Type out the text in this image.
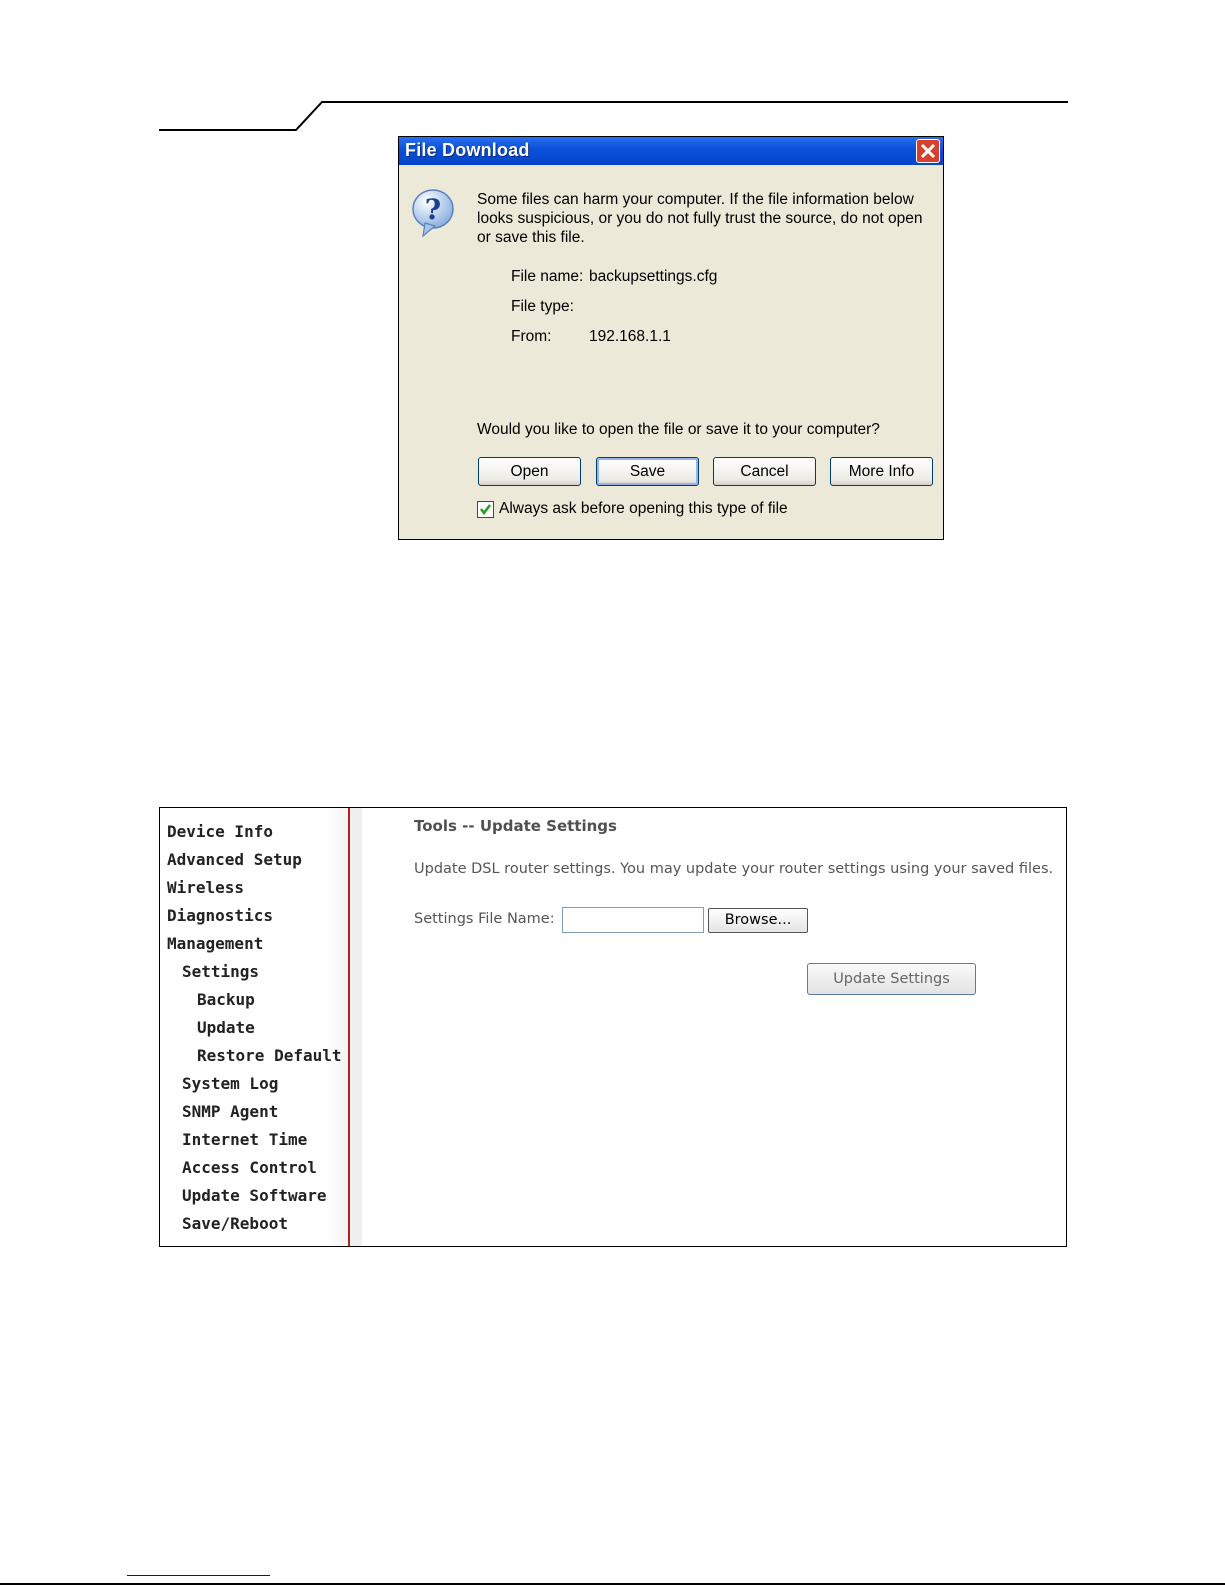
File Download
? Some files can harm your computer. If the file information below looks suspicious, or you do not fully trust the source, do not open or save this file.
File name: backupsettings.cfg
File type:
From: 192.168.1.1
Would you like to open the file or save it to your computer?
Open	Save	Cancel	More Info
Always ask before opening this type of file
Device Info
Advanced Setup
Wireless
Diagnostics
Management
Settings
Backup
Update
Restore Default
System Log
SNMP Agent
Internet Time
Access Control
Update Software
Save/Reboot
Tools -- Update Settings
Update DSL router settings. You may update your router settings using your saved files.
Settings File Name:	Browse...
Update Settings
